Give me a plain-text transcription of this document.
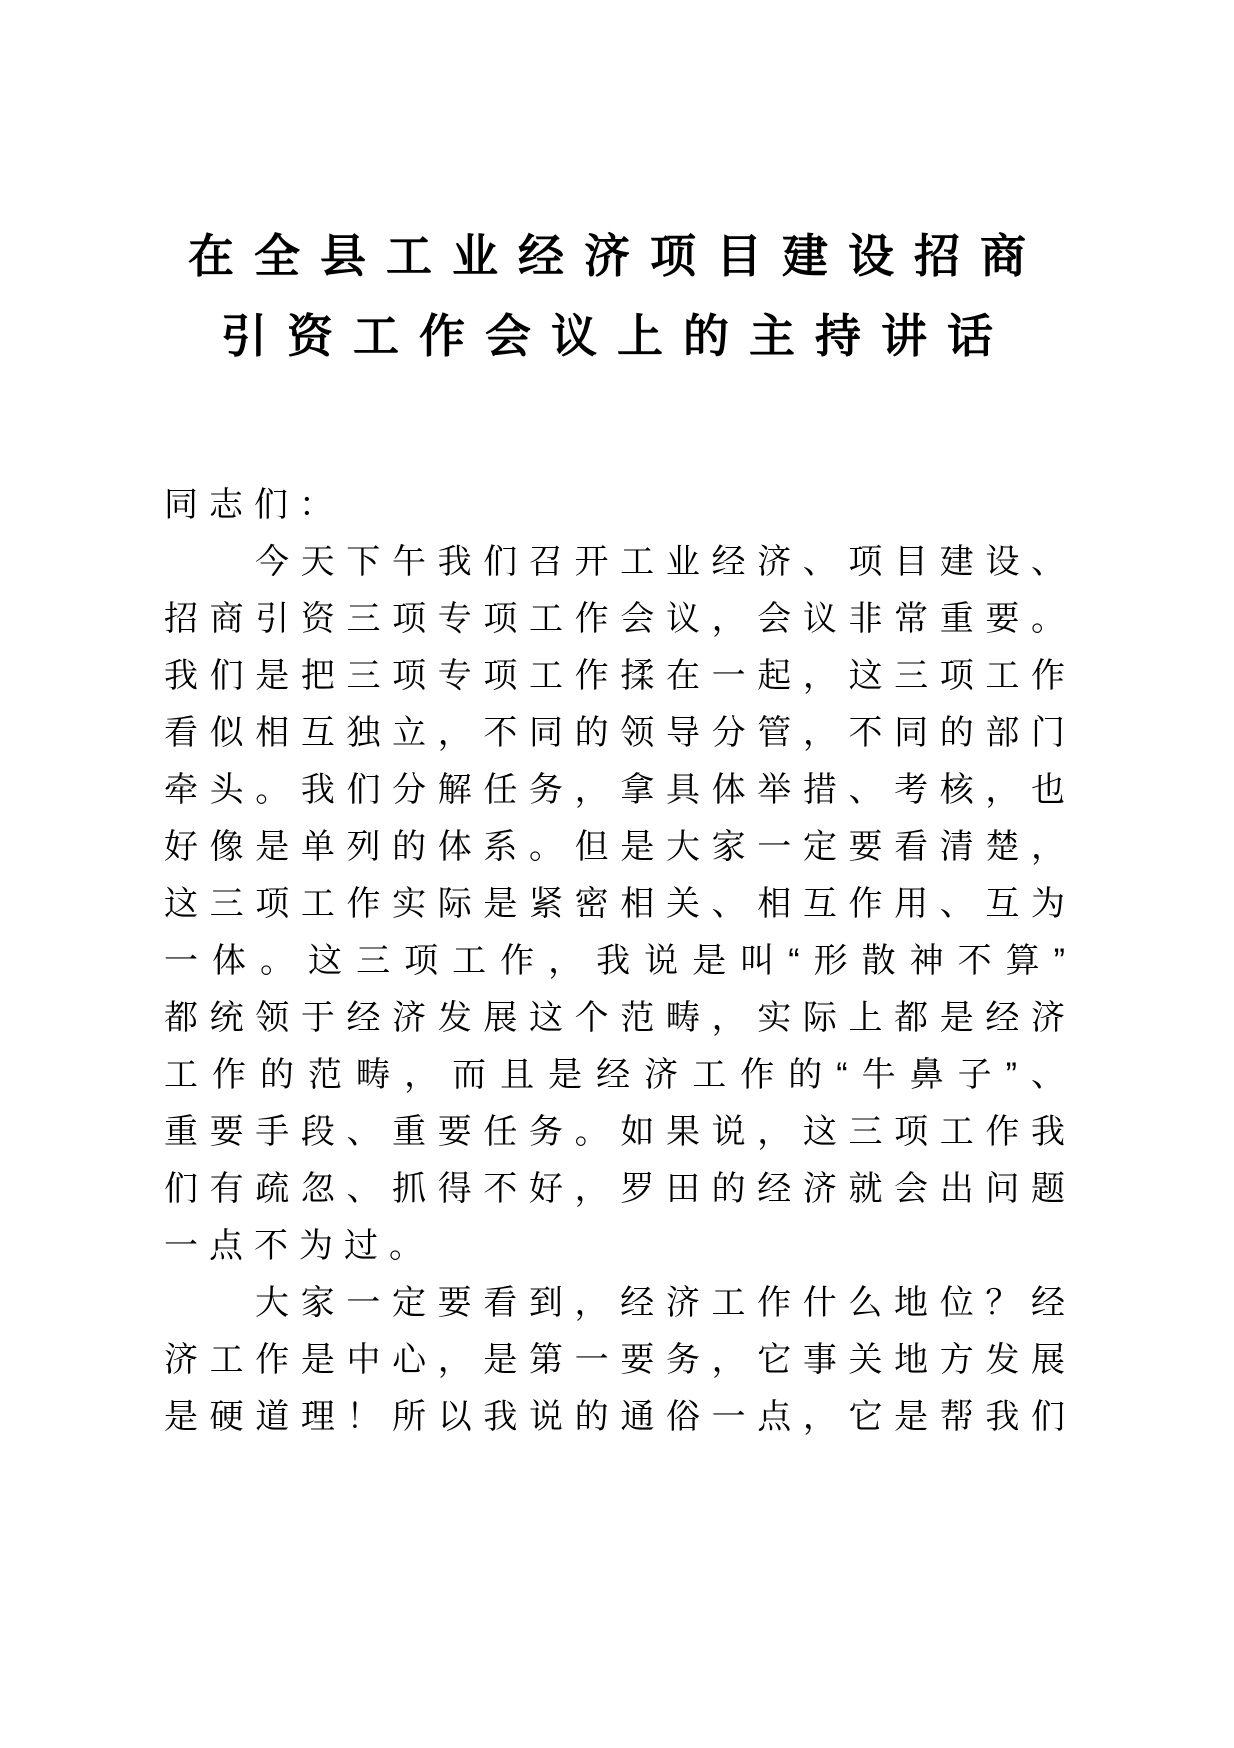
在全县工业经济项目建设招商
引资工作会议上的主持讲话
同志们：
今天下午我们召开工业经济、项目建设、
招商引资三项专项工作会议，会议非常重要。
我们是把三项专项工作揉在一起，这三项工作
看似相互独立，不同的领导分管，不同的部门
牵头。我们分解任务，拿具体举措、考核，也
好像是单列的体系。但是大家一定要看清楚，
这三项工作实际是紧密相关、相互作用、互为
一体。这三项工作，我说是叫“形散神不算”
都统领于经济发展这个范畴，实际上都是经济
工作的范畴，而且是经济工作的“牛鼻子”、
重要手段、重要任务。如果说，这三项工作我
们有疏忽、抓得不好，罗田的经济就会出问题
一点不为过。
大家一定要看到，经济工作什么地位？经
济工作是中心，是第一要务，它事关地方发展
是硬道理！所以我说的通俗一点，它是帮我们
